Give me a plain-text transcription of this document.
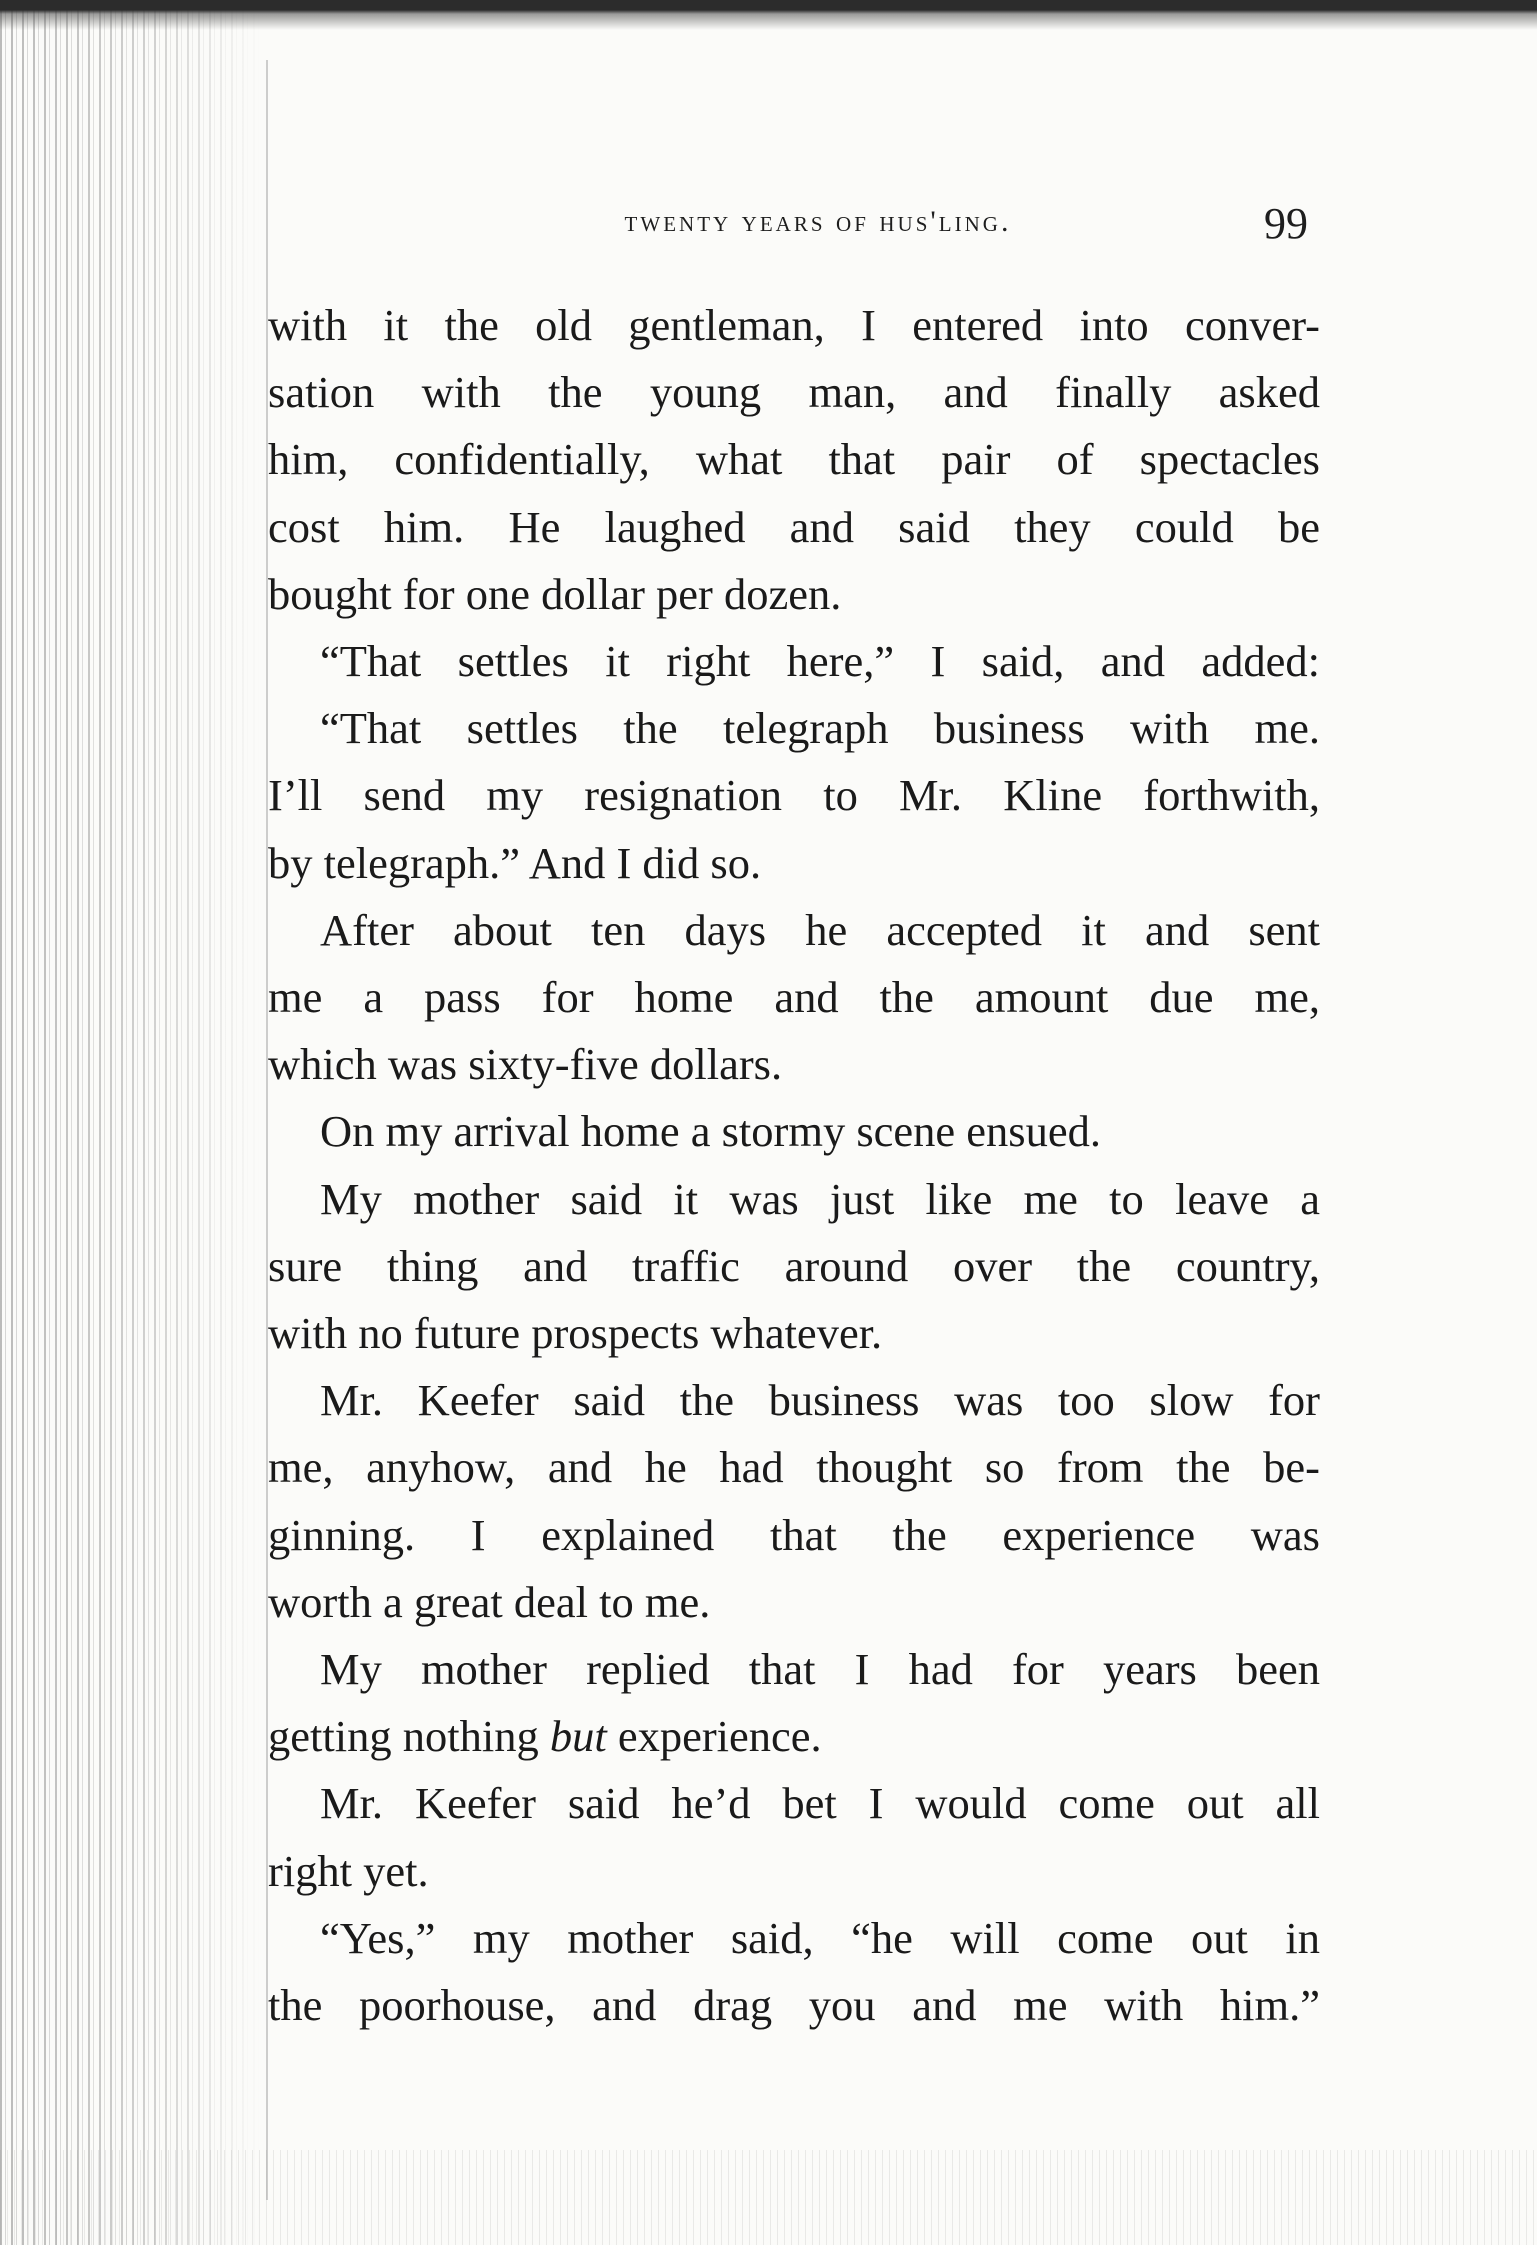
twenty years of hus'ling.	99
with it the old gentleman, I entered into conver-
sation with the young man, and finally asked
him, confidentially, what that pair of spectacles
cost him. He laughed and said they could be
bought for one dollar per dozen.
“That settles it right here,” I said, and added:
“That settles the telegraph business with me.
I’ll send my resignation to Mr. Kline forthwith,
by telegraph.” And I did so.
After about ten days he accepted it and sent
me a pass for home and the amount due me,
which was sixty-five dollars.
On my arrival home a stormy scene ensued.
My mother said it was just like me to leave a
sure thing and traffic around over the country,
with no future prospects whatever.
Mr. Keefer said the business was too slow for
me, anyhow, and he had thought so from the be-
ginning. I explained that the experience was
worth a great deal to me.
My mother replied that I had for years been
getting nothing but experience.
Mr. Keefer said he’d bet I would come out all
right yet.
“Yes,” my mother said, “he will come out in
the poorhouse, and drag you and me with him.”
